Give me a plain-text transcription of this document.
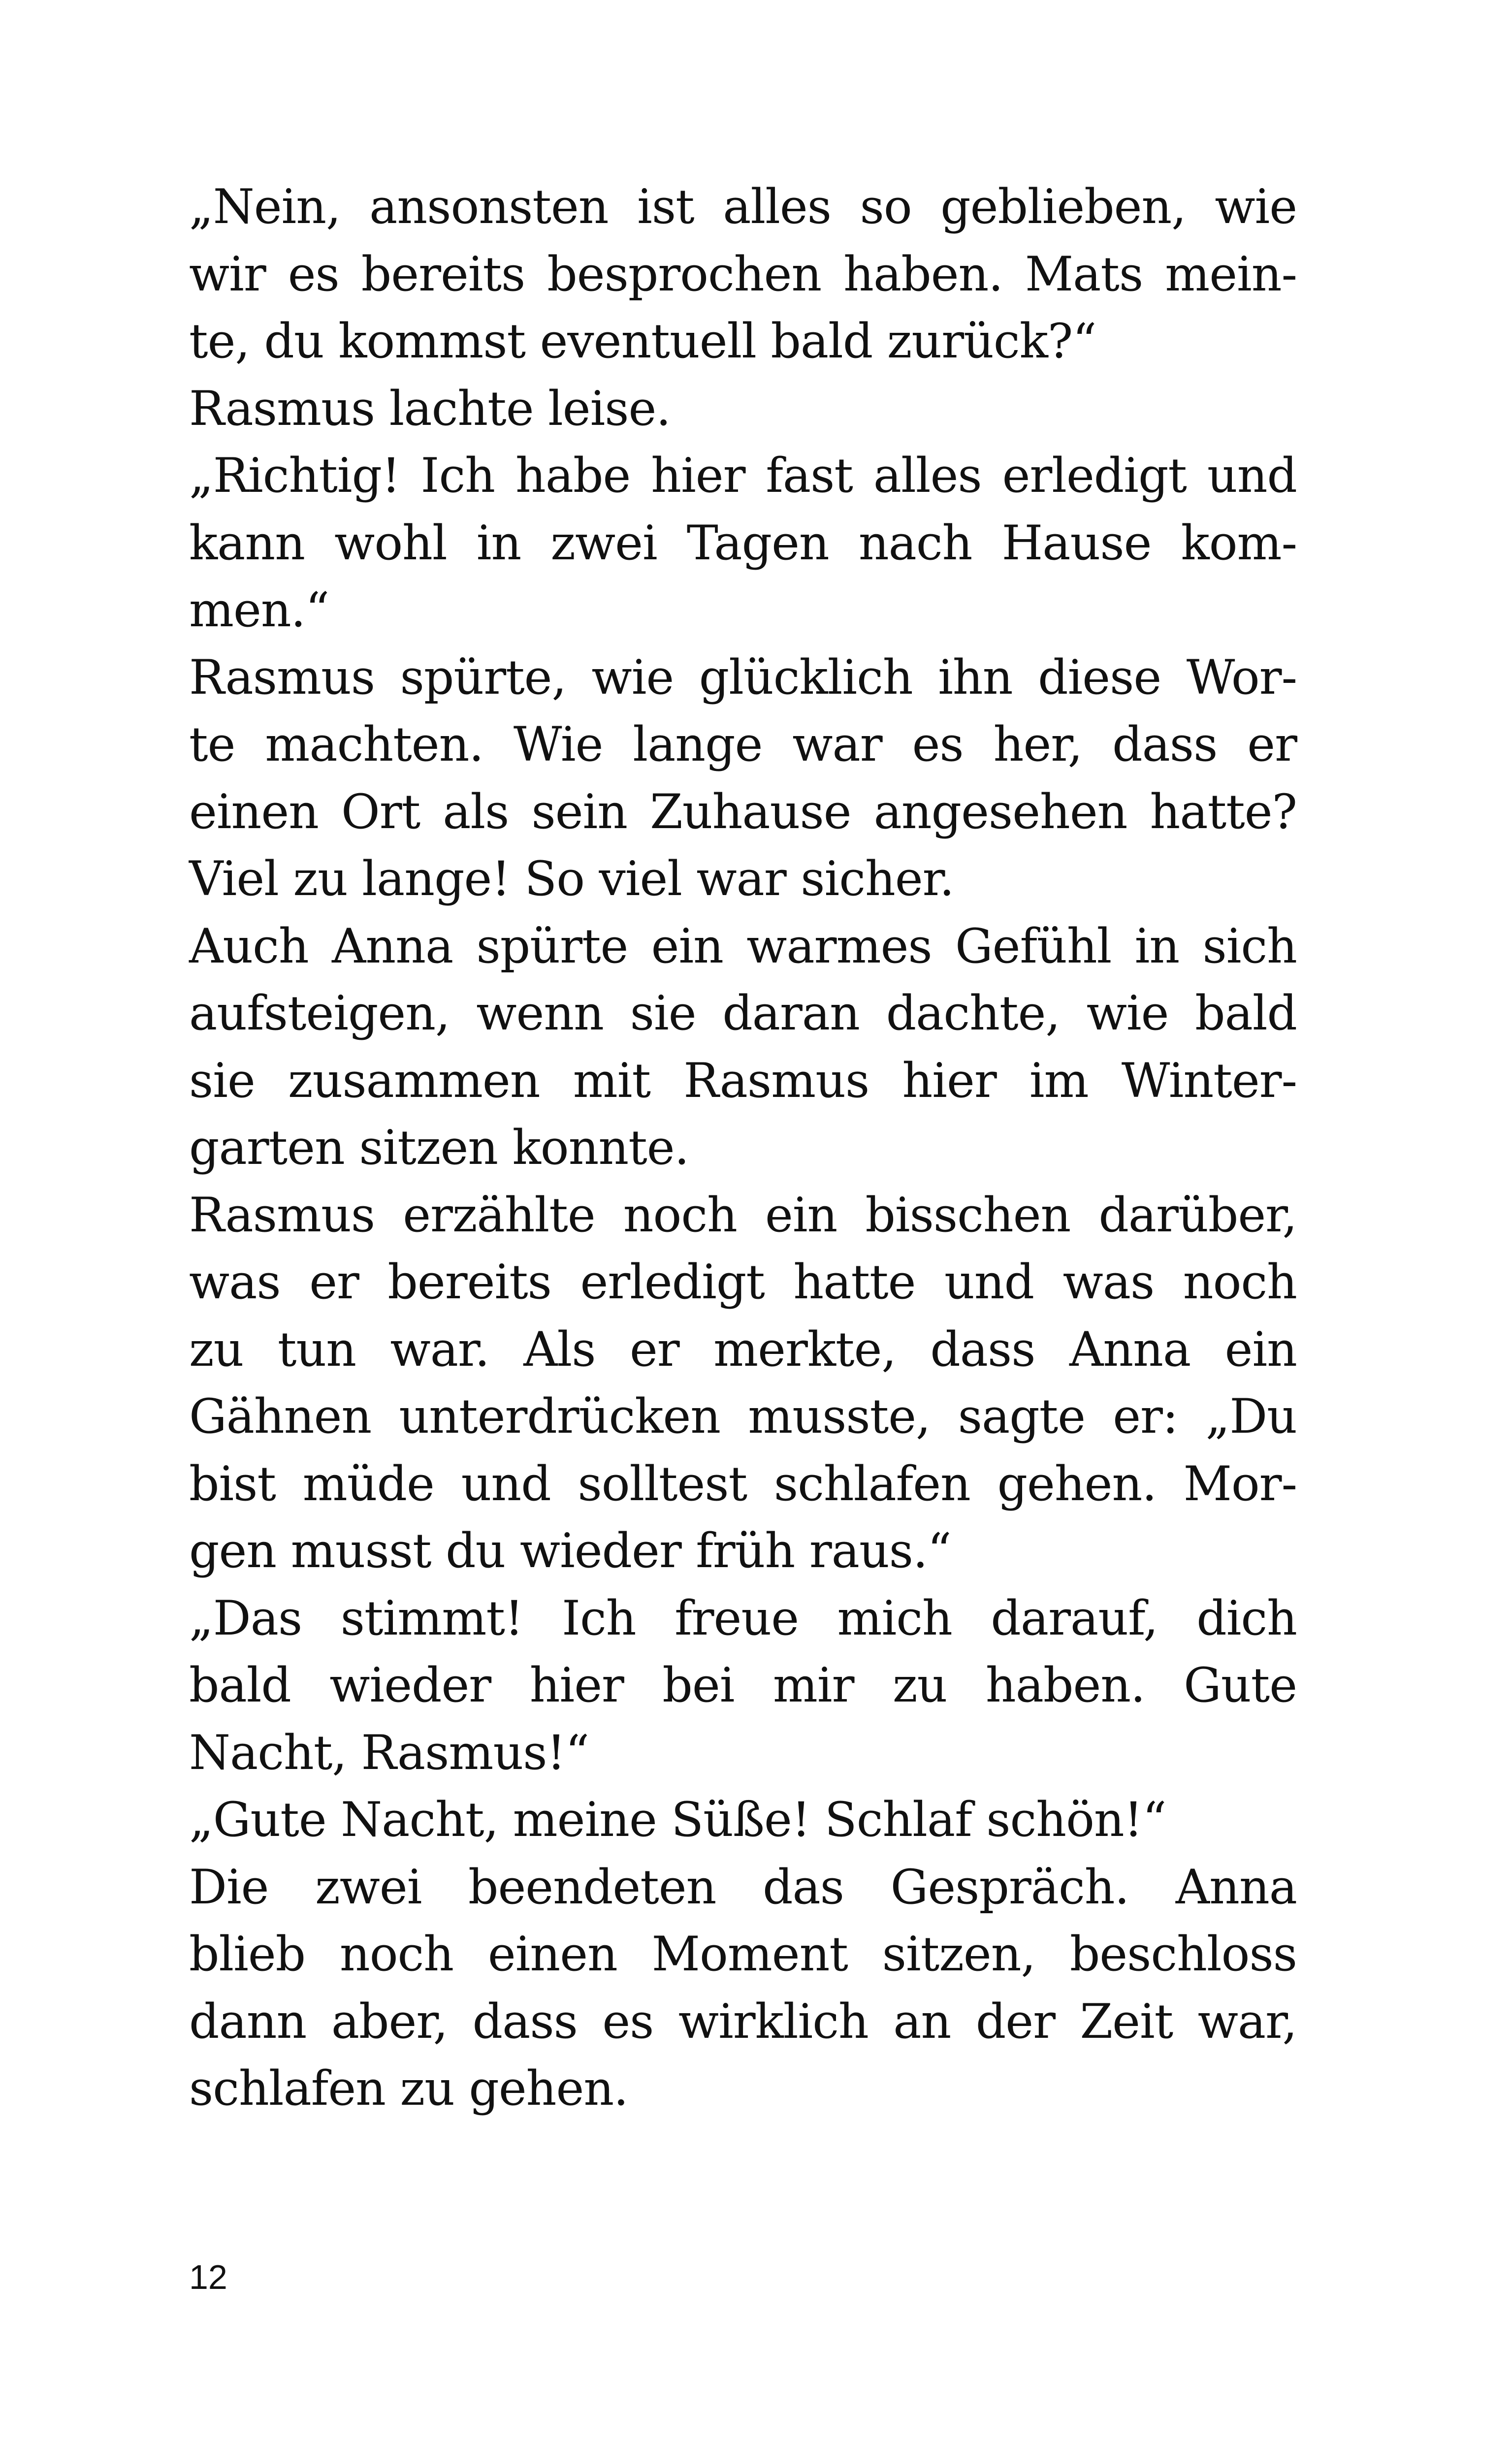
„Nein, ansonsten ist alles so geblieben, wie
wir es bereits besprochen haben. Mats mein-
te, du kommst eventuell bald zurück?“
Rasmus lachte leise.
„Richtig! Ich habe hier fast alles erledigt und
kann wohl in zwei Tagen nach Hause kom-
men.“
Rasmus spürte, wie glücklich ihn diese Wor-
te machten. Wie lange war es her, dass er
einen Ort als sein Zuhause angesehen hatte?
Viel zu lange! So viel war sicher.
Auch Anna spürte ein warmes Gefühl in sich
aufsteigen, wenn sie daran dachte, wie bald
sie zusammen mit Rasmus hier im Winter-
garten sitzen konnte.
Rasmus erzählte noch ein bisschen darüber,
was er bereits erledigt hatte und was noch
zu tun war. Als er merkte, dass Anna ein
Gähnen unterdrücken musste, sagte er: „Du
bist müde und solltest schlafen gehen. Mor-
gen musst du wieder früh raus.“
„Das stimmt! Ich freue mich darauf, dich
bald wieder hier bei mir zu haben. Gute
Nacht, Rasmus!“
„Gute Nacht, meine Süße! Schlaf schön!“
Die zwei beendeten das Gespräch. Anna
blieb noch einen Moment sitzen, beschloss
dann aber, dass es wirklich an der Zeit war,
schlafen zu gehen.
12
